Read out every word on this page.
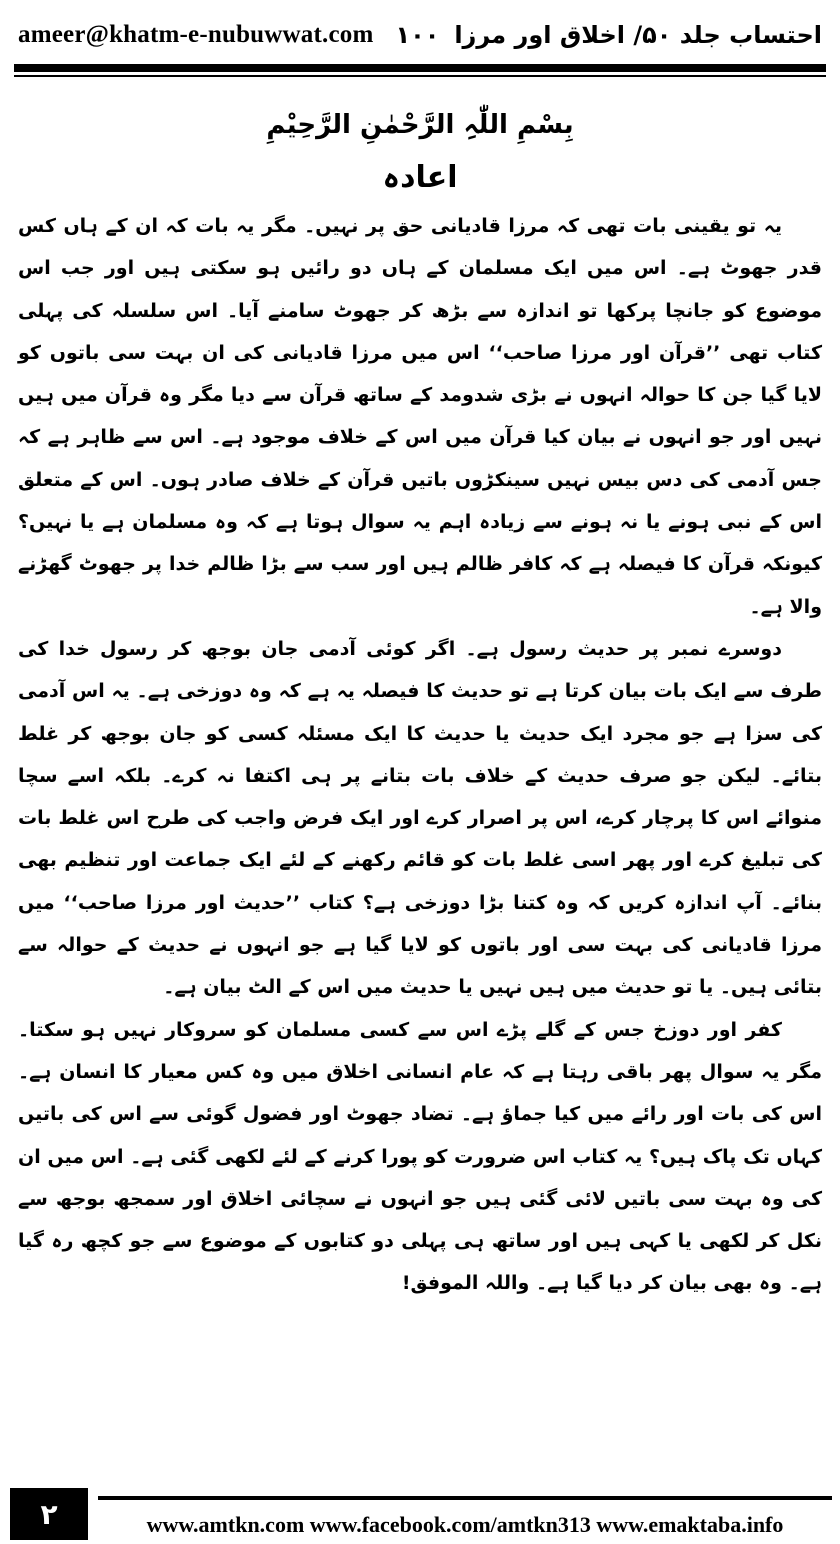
ameer@khatm-e-nubuwwat.com ۱۰۰ احتساب جلد ۵۰/ اخلاق اور مرزا
بِسْمِ اللّٰہِ الرَّحْمٰنِ الرَّحِیْمِ
اعادہ

یہ تو یقینی بات تھی کہ مرزا قادیانی حق پر نہیں۔ مگر یہ بات کہ ان کے ہاں کس قدر جھوٹ ہے۔ اس میں ایک مسلمان کے ہاں دو رائیں ہو سکتی ہیں اور جب اس موضوع کو جانچا پرکھا تو اندازہ سے بڑھ کر جھوٹ سامنے آیا۔ اس سلسلہ کی پہلی کتاب تھی ’’قرآن اور مرزا صاحب‘‘ اس میں مرزا قادیانی کی ان بہت سی باتوں کو لایا گیا جن کا حوالہ انہوں نے بڑی شدومد کے ساتھ قرآن سے دیا مگر وہ قرآن میں ہیں نہیں اور جو انہوں نے بیان کیا قرآن میں اس کے خلاف موجود ہے۔ اس سے ظاہر ہے کہ جس آدمی کی دس بیس نہیں سینکڑوں باتیں قرآن کے خلاف صادر ہوں۔ اس کے متعلق اس کے نبی ہونے یا نہ ہونے سے زیادہ اہم یہ سوال ہوتا ہے کہ وہ مسلمان ہے یا نہیں؟ کیونکہ قرآن کا فیصلہ ہے کہ کافر ظالم ہیں اور سب سے بڑا ظالم خدا پر جھوٹ گھڑنے والا ہے۔

دوسرے نمبر پر حدیث رسول ہے۔ اگر کوئی آدمی جان بوجھ کر رسول خدا کی طرف سے ایک بات بیان کرتا ہے تو حدیث کا فیصلہ یہ ہے کہ وہ دوزخی ہے۔ یہ اس آدمی کی سزا ہے جو مجرد ایک حدیث یا حدیث کا ایک مسئلہ کسی کو جان بوجھ کر غلط بتائے۔ لیکن جو صرف حدیث کے خلاف بات بتانے پر ہی اکتفا نہ کرے۔ بلکہ اسے سچا منوائے اس کا پرچار کرے، اس پر اصرار کرے اور ایک فرض واجب کی طرح اس غلط بات کی تبلیغ کرے اور پھر اسی غلط بات کو قائم رکھنے کے لئے ایک جماعت اور تنظیم بھی بنائے۔ آپ اندازہ کریں کہ وہ کتنا بڑا دوزخی ہے؟ کتاب ’’حدیث اور مرزا صاحب‘‘ میں مرزا قادیانی کی بہت سی اور باتوں کو لایا گیا ہے جو انہوں نے حدیث کے حوالہ سے بتائی ہیں۔ یا تو حدیث میں ہیں نہیں یا حدیث میں اس کے الٹ بیان ہے۔

کفر اور دوزخ جس کے گلے پڑے اس سے کسی مسلمان کو سروکار نہیں ہو سکتا۔ مگر یہ سوال پھر باقی رہتا ہے کہ عام انسانی اخلاق میں وہ کس معیار کا انسان ہے۔ اس کی بات اور رائے میں کیا جماؤ ہے۔ تضاد جھوٹ اور فضول گوئی سے اس کی باتیں کہاں تک پاک ہیں؟ یہ کتاب اس ضرورت کو پورا کرنے کے لئے لکھی گئی ہے۔ اس میں ان کی وہ بہت سی باتیں لائی گئی ہیں جو انہوں نے سچائی اخلاق اور سمجھ بوجھ سے نکل کر لکھی یا کہی ہیں اور ساتھ ہی پہلی دو کتابوں کے موضوع سے جو کچھ رہ گیا ہے۔ وہ بھی بیان کر دیا گیا ہے۔ واللہ الموفق!

۲	www.amtkn.com www.facebook.com/amtkn313 www.emaktaba.info
